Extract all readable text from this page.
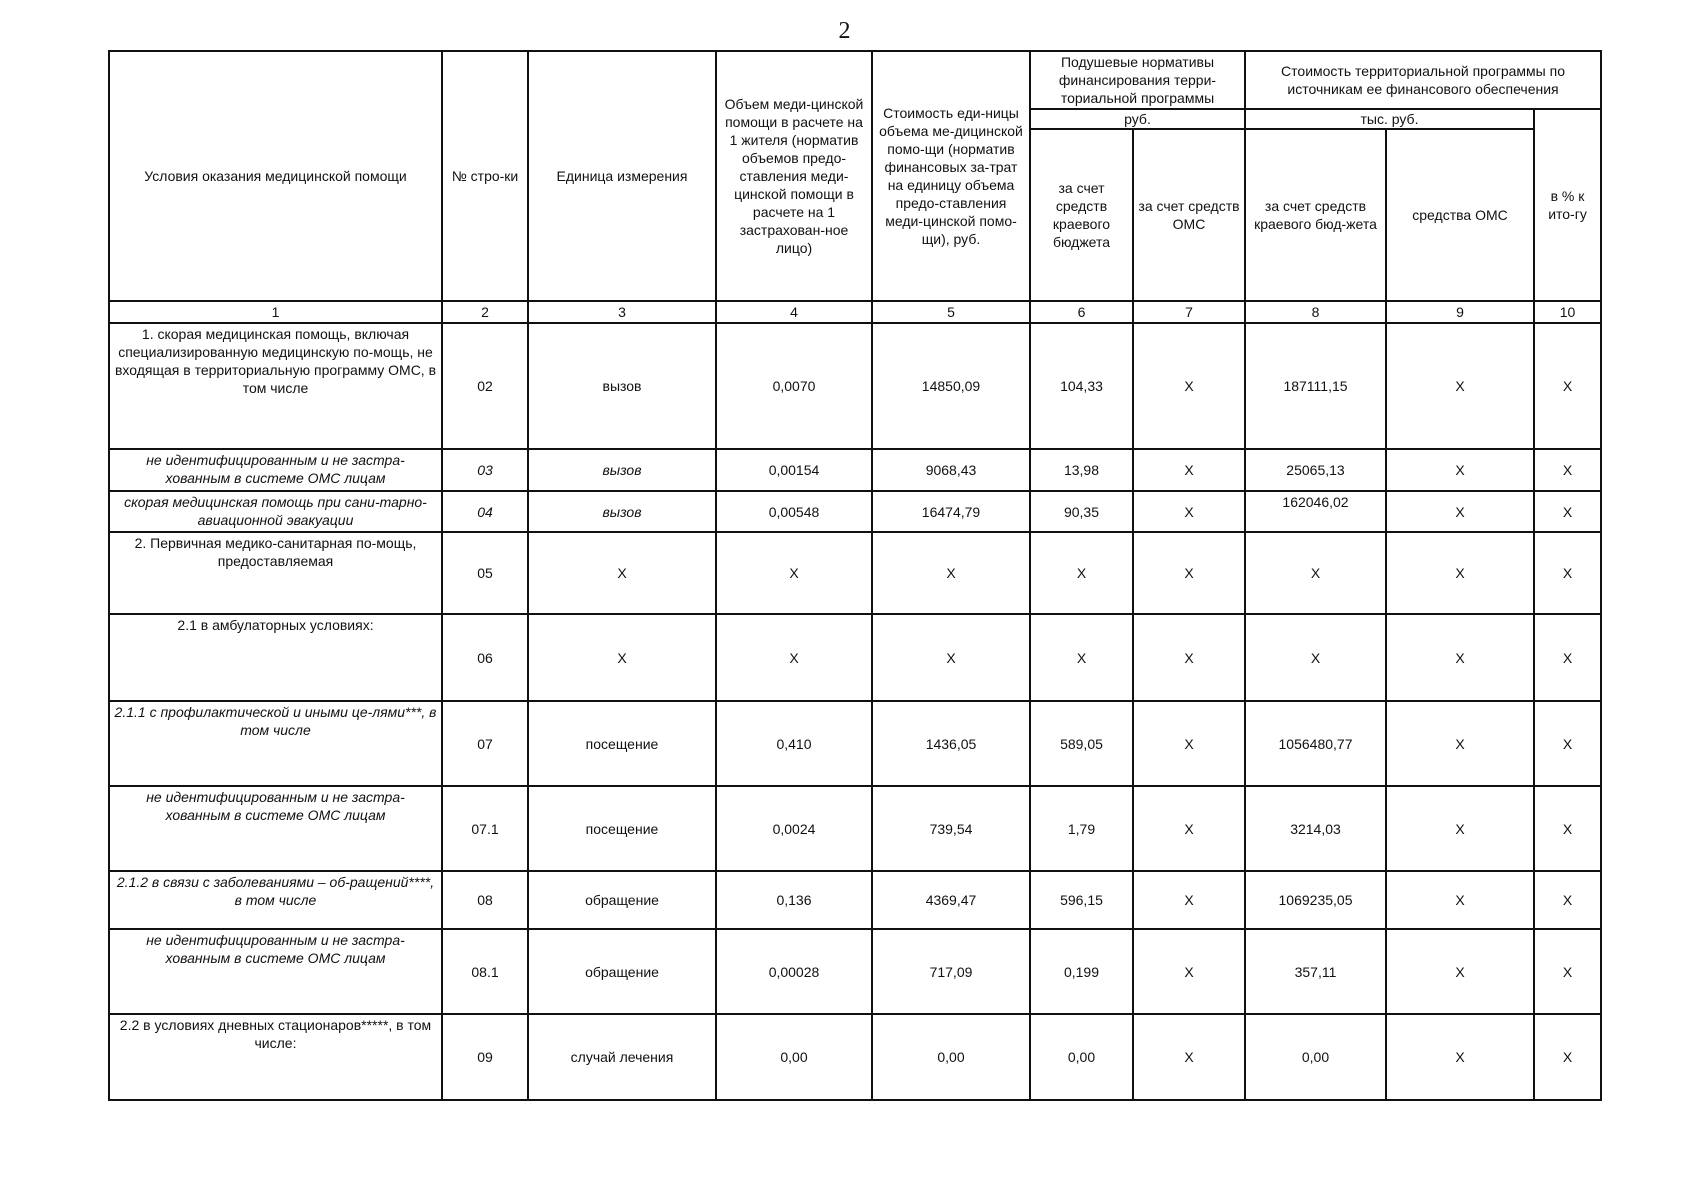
2
Условия оказания медицинской помощи	№ стро-ки	Единица измерения	Объем меди-цинской помощи в расчете на 1 жителя (норматив объемов предо-ставления меди-цинской помощи в расчете на 1 застрахован-ное лицо)	Стоимость еди-ницы объема ме-дицинской помо-щи (норматив финансовых за-трат на единицу объема предо-ставления меди-цинской помо-щи), руб.	Подушевые нормативы финансирования терри-ториальной программы		Стоимость территориальной программы по источникам ее финансового обеспечения		
					руб.		тыс. руб.		в % к ито-гу
					за счет средств краевого бюджета	за счет средств ОМС	за счет средств краевого бюд-жета	средства ОМС	
1	2	3	4	5	6	7	8	9	10
1. скорая медицинская помощь, включая специализированную медицинскую по-мощь, не входящая в территориальную программу ОМС, в том числе	02	вызов	0,0070	14850,09	104,33	Х	187111,15	Х	Х
не идентифицированным и не застра-хованным в системе ОМС лицам	03	вызов	0,00154	9068,43	13,98	Х	25065,13	Х	Х
скорая медицинская помощь при сани-тарно-авиационной эвакуации	04	вызов	0,00548	16474,79	90,35	Х	162046,02	Х	Х
2. Первичная медико-санитарная по-мощь, предоставляемая	05	Х	Х	Х	Х	Х	Х	Х	Х
2.1 в амбулаторных условиях:	06	Х	Х	Х	Х	Х	Х	Х	Х
2.1.1 с профилактической и иными це-лями***, в том числе	07	посещение	0,410	1436,05	589,05	Х	1056480,77	Х	Х
не идентифицированным и не застра-хованным в системе ОМС лицам	07.1	посещение	0,0024	739,54	1,79	Х	3214,03	Х	Х
2.1.2 в связи с заболеваниями – об-ращений****, в том числе	08	обращение	0,136	4369,47	596,15	Х	1069235,05	Х	Х
не идентифицированным и не застра-хованным в системе ОМС лицам	08.1	обращение	0,00028	717,09	0,199	Х	357,11	Х	Х
2.2 в условиях дневных стационаров*****, в том числе:	09	случай лечения	0,00	0,00	0,00	Х	0,00	Х	Х
